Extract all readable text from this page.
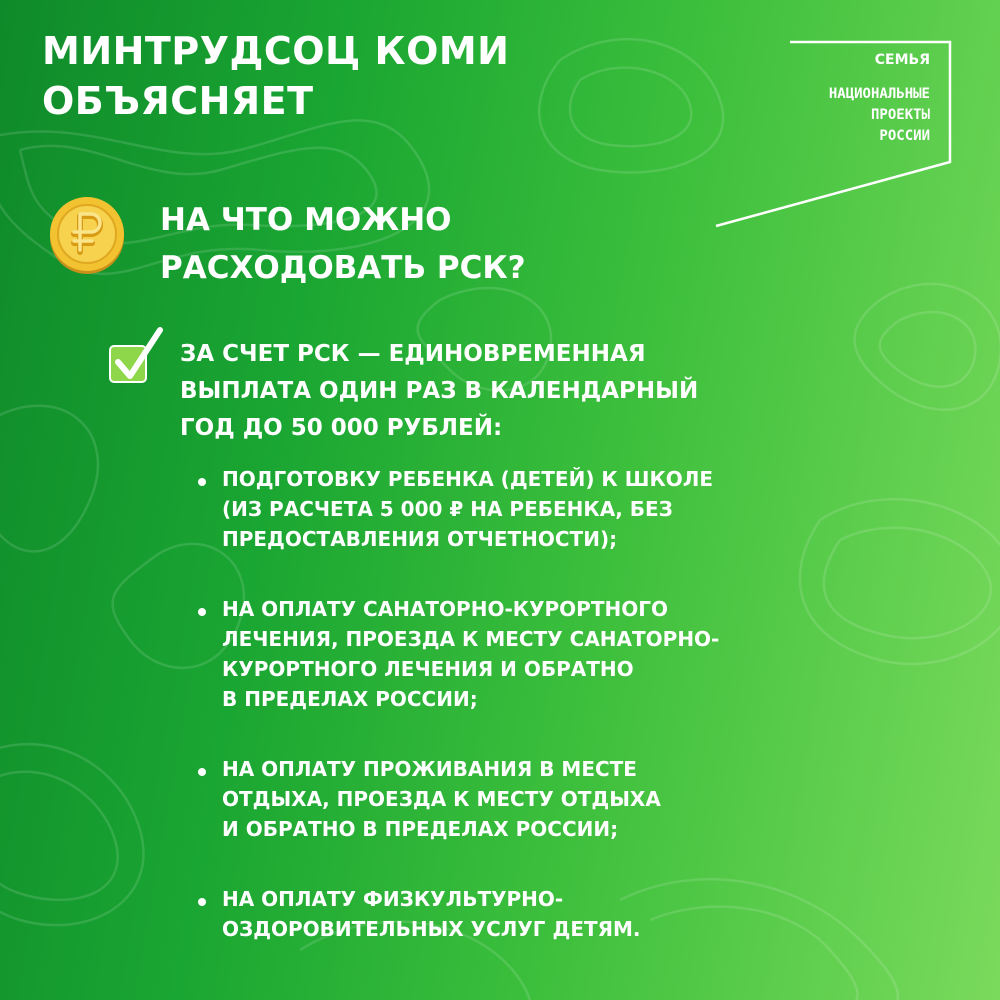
МИНТРУДСОЦ КОМИ
ОБЪЯСНЯЕТ
СЕМЬЯ
НАЦИОНАЛЬНЫЕ
ПРОЕКТЫ
РОССИИ
НА ЧТО МОЖНО
РАСХОДОВАТЬ РСК?
ЗА СЧЕТ РСК — ЕДИНОВРЕМЕННАЯ
ВЫПЛАТА ОДИН РАЗ В КАЛЕНДАРНЫЙ
ГОД ДО 50 000 РУБЛЕЙ:
ПОДГОТОВКУ РЕБЕНКА (ДЕТЕЙ) К ШКОЛЕ
(ИЗ РАСЧЕТА 5 000 ₽ НА РЕБЕНКА, БЕЗ
ПРЕДОСТАВЛЕНИЯ ОТЧЕТНОСТИ);
НА ОПЛАТУ САНАТОРНО-КУРОРТНОГО
ЛЕЧЕНИЯ, ПРОЕЗДА К МЕСТУ САНАТОРНО-
КУРОРТНОГО ЛЕЧЕНИЯ И ОБРАТНО
В ПРЕДЕЛАХ РОССИИ;
НА ОПЛАТУ ПРОЖИВАНИЯ В МЕСТЕ
ОТДЫХА, ПРОЕЗДА К МЕСТУ ОТДЫХА
И ОБРАТНО В ПРЕДЕЛАХ РОССИИ;
НА ОПЛАТУ ФИЗКУЛЬТУРНО-
ОЗДОРОВИТЕЛЬНЫХ УСЛУГ ДЕТЯМ.
